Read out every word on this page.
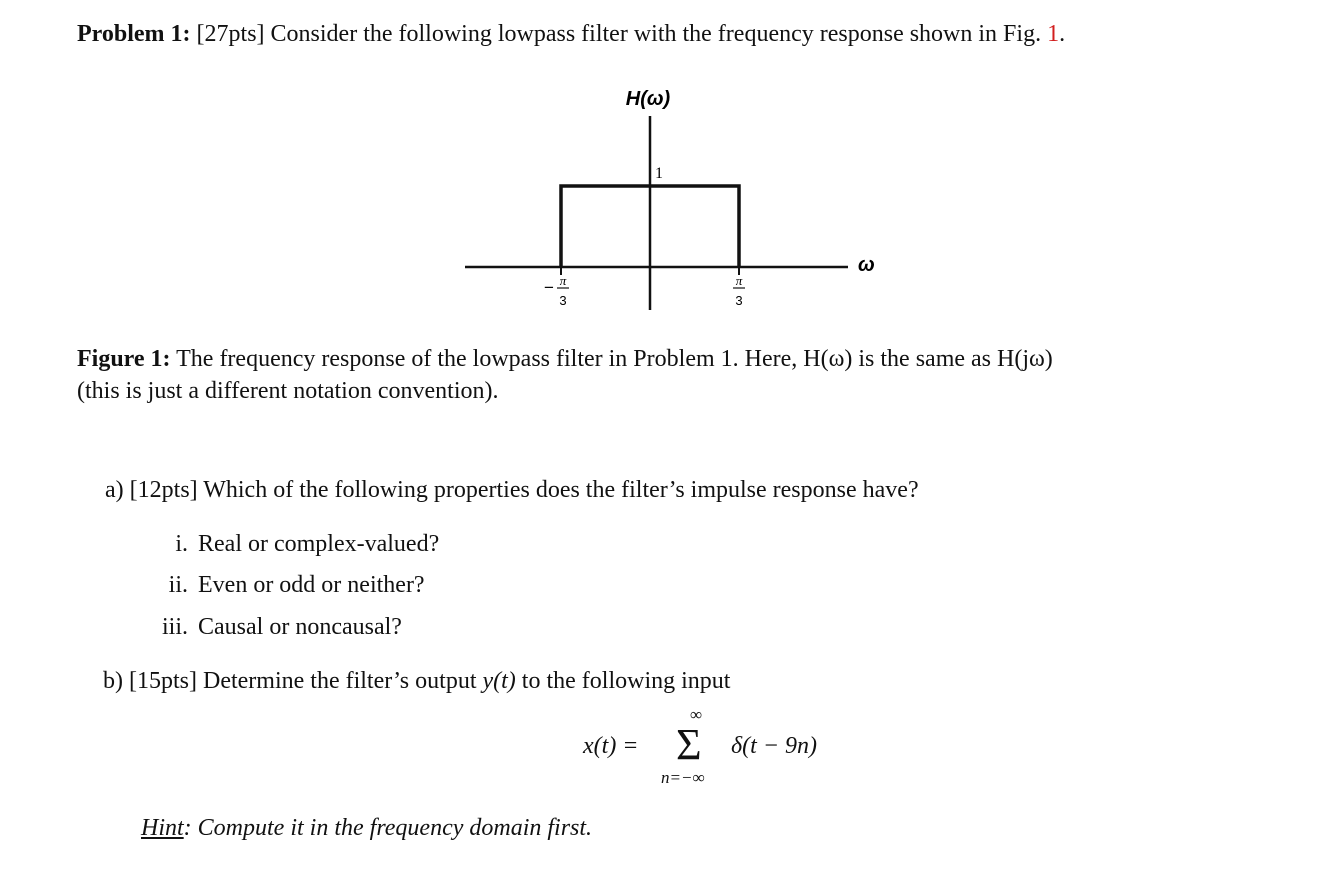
Problem 1: [27pts] Consider the following lowpass filter with the frequency response shown in Fig. 1.
H(ω)
1
ω
− π
3
π
3
Figure 1: The frequency response of the lowpass filter in Problem 1. Here, H(ω) is the same as H(jω)
(this is just a different notation convention).
a) [12pts] Which of the following properties does the filter’s impulse response have?
i. Real or complex-valued?
ii. Even or odd or neither?
iii. Causal or noncausal?
b) [15pts] Determine the filter’s output y(t) to the following input
x(t) =
∞
Σ
n=−∞
δ(t − 9n)
Hint: Compute it in the frequency domain first.
